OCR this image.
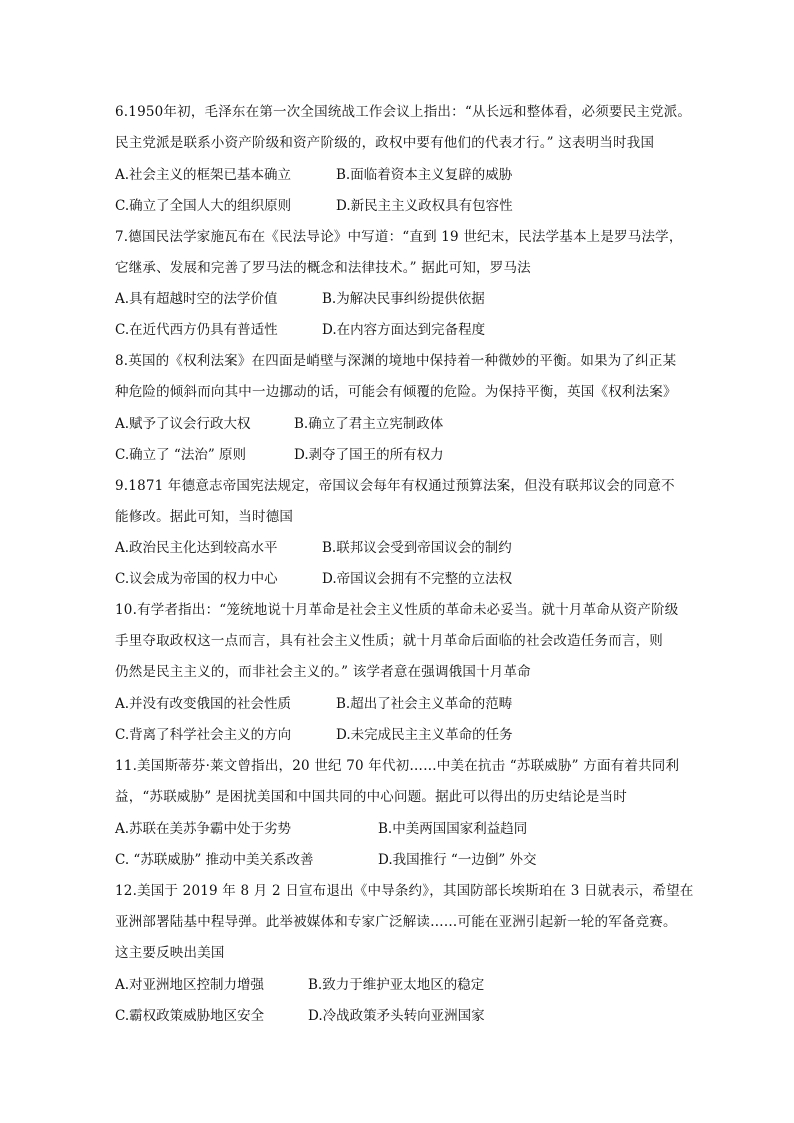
6.1950年初，毛泽东在第一次全国统战工作会议上指出：“从长远和整体看，必须要民主党派。
民主党派是联系小资产阶级和资产阶级的，政权中要有他们的代表才行。” 这表明当时我国
A.社会主义的框架已基本确立	B.面临着资本主义复辟的威胁
C.确立了全国人大的组织原则	D.新民主主义政权具有包容性
7.德国民法学家施瓦布在《民法导论》中写道：“直到 19 世纪末，民法学基本上是罗马法学，
它继承、发展和完善了罗马法的概念和法律技术。” 据此可知，罗马法
A.具有超越时空的法学价值	B.为解决民事纠纷提供依据
C.在近代西方仍具有普适性	D.在内容方面达到完备程度
8.英国的《权利法案》在四面是峭壁与深渊的境地中保持着一种微妙的平衡。如果为了纠正某
种危险的倾斜而向其中一边挪动的话，可能会有倾覆的危险。为保持平衡，英国《权利法案》
A.赋予了议会行政大权	B.确立了君主立宪制政体
C.确立了 “法治” 原则	D.剥夺了国王的所有权力
9.1871 年德意志帝国宪法规定，帝国议会每年有权通过预算法案，但没有联邦议会的同意不
能修改。据此可知，当时德国
A.政治民主化达到较高水平	B.联邦议会受到帝国议会的制约
C.议会成为帝国的权力中心	D.帝国议会拥有不完整的立法权
10.有学者指出：“笼统地说十月革命是社会主义性质的革命未必妥当。就十月革命从资产阶级
手里夺取政权这一点而言，具有社会主义性质；就十月革命后面临的社会改造任务而言，则
仍然是民主主义的，而非社会主义的。” 该学者意在强调俄国十月革命
A.并没有改变俄国的社会性质	B.超出了社会主义革命的范畴
C.背离了科学社会主义的方向	D.未完成民主主义革命的任务
11.美国斯蒂芬·莱文曾指出，20 世纪 70 年代初……中美在抗击 “苏联威胁” 方面有着共同利
益，“苏联威胁” 是困扰美国和中国共同的中心问题。据此可以得出的历史结论是当时
A.苏联在美苏争霸中处于劣势	B.中美两国国家利益趋同
C. “苏联威胁” 推动中美关系改善	D.我国推行 “一边倒” 外交
12.美国于 2019 年 8 月 2 日宣布退出《中导条约》，其国防部长埃斯珀在 3 日就表示，希望在
亚洲部署陆基中程导弹。此举被媒体和专家广泛解读……可能在亚洲引起新一轮的军备竞赛。
这主要反映出美国
A.对亚洲地区控制力增强	B.致力于维护亚太地区的稳定
C.霸权政策威胁地区安全	D.冷战政策矛头转向亚洲国家
